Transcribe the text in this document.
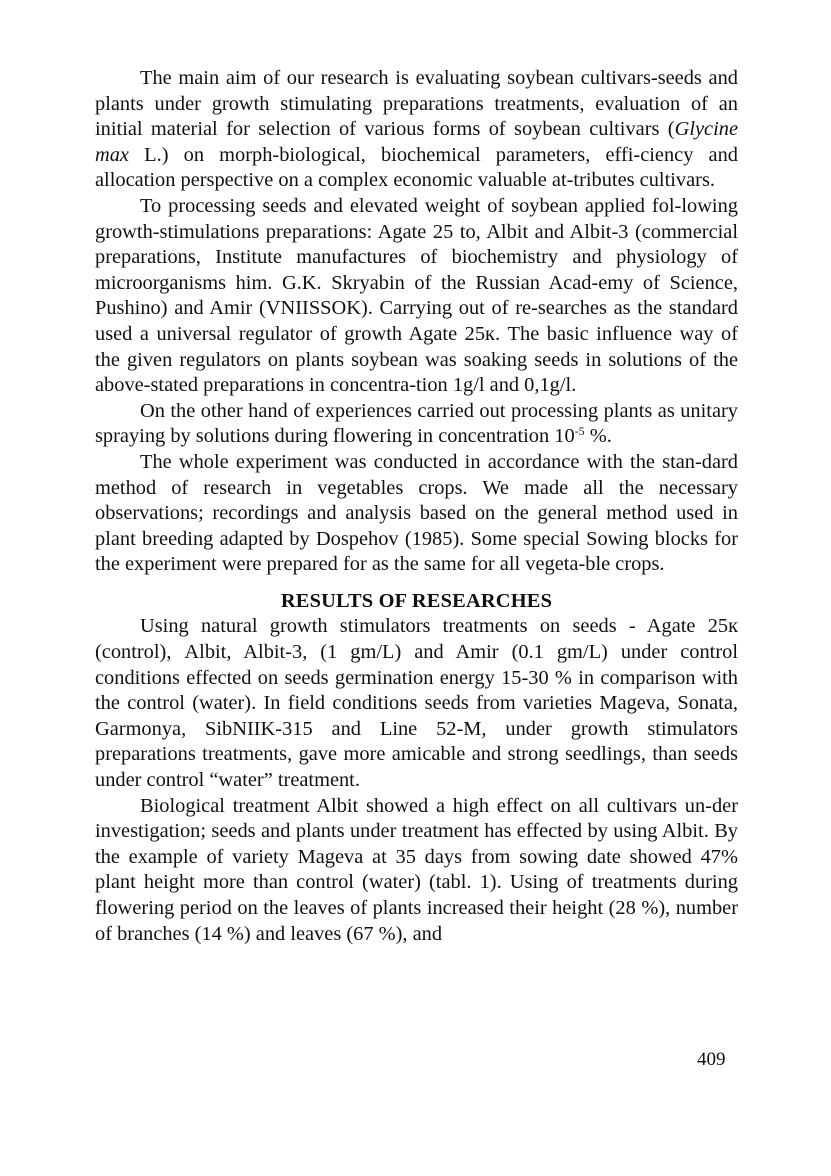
The main aim of our research is evaluating soybean cultivars-seeds and plants under growth stimulating preparations treatments, evaluation of an initial material for selection of various forms of soybean cultivars (Glycine max L.) on morph-biological, biochemical parameters, effi-ciency and allocation perspective on a complex economic valuable at-tributes cultivars.

To processing seeds and elevated weight of soybean applied fol-lowing growth-stimulations preparations: Agate 25 to, Albit and Albit-3 (commercial preparations, Institute manufactures of biochemistry and physiology of microorganisms him. G.K. Skryabin of the Russian Acad-emy of Science, Pushino) and Amir (VNIISSOK). Carrying out of re-searches as the standard used a universal regulator of growth Agate 25к. The basic influence way of the given regulators on plants soybean was soaking seeds in solutions of the above-stated preparations in concentra-tion 1g/l and 0,1g/l.

On the other hand of experiences carried out processing plants as unitary spraying by solutions during flowering in concentration $10^{-5}$ %.

The whole experiment was conducted in accordance with the stan-dard method of research in vegetables crops. We made all the necessary observations; recordings and analysis based on the general method used in plant breeding adapted by Dospehov (1985). Some special Sowing blocks for the experiment were prepared for as the same for all vegeta-ble crops.

RESULTS OF RESEARCHES

Using natural growth stimulators treatments on seeds - Agate 25к (control), Albit, Albit-3, (1 gm/L) and Amir (0.1 gm/L) under control conditions effected on seeds germination energy 15-30 % in comparison with the control (water). In field conditions seeds from varieties Mageva, Sonata, Garmonya, SibNIIK-315 and Line 52-M, under growth stimulators preparations treatments, gave more amicable and strong seedlings, than seeds under control “water” treatment.

Biological treatment Albit showed a high effect on all cultivars un-der investigation; seeds and plants under treatment has effected by using Albit. By the example of variety Mageva at 35 days from sowing date showed 47% plant height more than control (water) (tabl. 1). Using of treatments during flowering period on the leaves of plants increased their height (28 %), number of branches (14 %) and leaves (67 %), and

409
